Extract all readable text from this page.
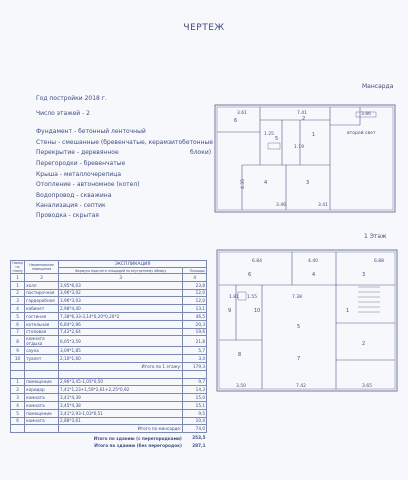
ЧЕРТЕЖ
Год постройки 2018 г.
Число этажей - 2
Фундамент - бетонный ленточный
Стены - смешанные (бревенчатые, керамзитобетонные
блоки)
Перекрытие - деревянное
Перегородки - бревенчатые
Крыша - металлочерепица
Отопление - автономное (котел)
Водопровод - скважина
Канализация - септик
Проводка - скрытая
Мансарда
3.61	7.41	3.86
1.25
1.19
4.35
3.46	3.41
6
5
1
2
4	3
второй свет
6.84	4.40	6.88
1.81 1.55	7.38
3.50	7.42	3.65
6	4	3
9	10
5
1
2
8
7
1 Этаж
Номер по плану	Наименование помещения	ЭКСПЛИКАЦИЯ	
		Формула подсчета площадей по внутреннему обмеру	Площадь
1	2	3	4
1	холл	3,95*6,03	23,8
2	постирочная	3,96*3,02	12,0
3	гардеробная	3,96*3,03	12,0
4	кабинет	2,98*4,40	13,1
5	гостиная	7,38*6,33-3,14*0,20*0,20*2	46,5
6	котельная	6,84*2,96	20,3
7	столовая	7,42*2,64	19,6
8	комната отдыха	6,05*3,59	21,8
9	сауна	3,09*1,85	5,7
10	туалет	2,10*1,60	3,4
		Итого по 1 этажу:	179,3

1	помещение	2,96*3,45-1,05*0,50	9,7
2	коридор	7,41*1,23+1,59*2,61+2,25*0,92	14,3
3	комната	3,41*4,39	15,0
4	комната	3,45*4,38	15,1
5	помещение	3,41*2,93-1,03*0,51	9,5
6	комната	2,88*3,61	10,4
		Итого по мансарде:	74,0
Итого по зданию (с перегородками)			253,5
Итого по зданию (без перегородок)			287,1
